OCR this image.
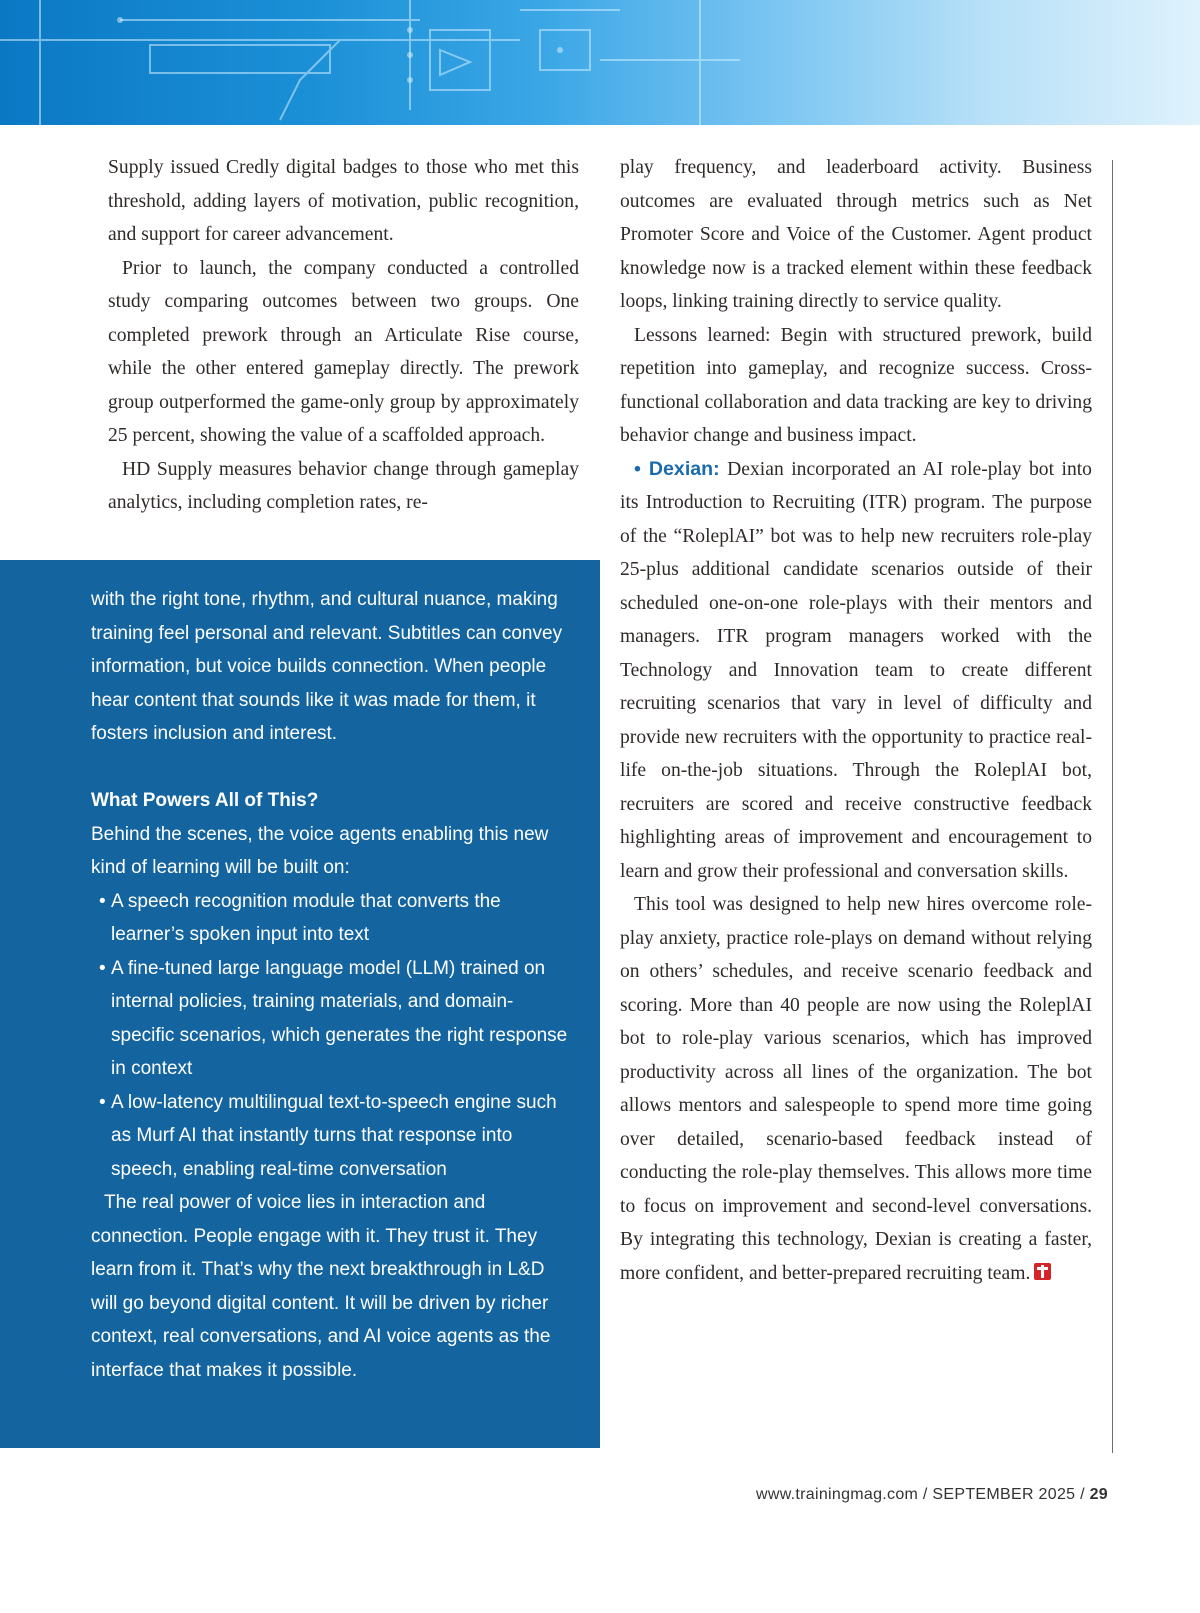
Supply issued Credly digital badges to those who met this threshold, adding layers of motivation, public recognition, and support for career advancement.

Prior to launch, the company conducted a controlled study comparing outcomes between two groups. One completed prework through an Articulate Rise course, while the other entered gameplay directly. The prework group outperformed the game-only group by approximately 25 percent, showing the value of a scaffolded approach.

HD Supply measures behavior change through gameplay analytics, including completion rates, re-

with the right tone, rhythm, and cultural nuance, making training feel personal and relevant. Subtitles can convey information, but voice builds connection. When people hear content that sounds like it was made for them, it fosters inclusion and interest.

What Powers All of This?

Behind the scenes, the voice agents enabling this new kind of learning will be built on:

• A speech recognition module that converts the learner’s spoken input into text
• A fine-tuned large language model (LLM) trained on internal policies, training materials, and domain-specific scenarios, which generates the right response in context
• A low-latency multilingual text-to-speech engine such as Murf AI that instantly turns that response into speech, enabling real-time conversation

The real power of voice lies in interaction and connection. People engage with it. They trust it. They learn from it. That’s why the next breakthrough in L&D will go beyond digital content. It will be driven by richer context, real conversations, and AI voice agents as the interface that makes it possible.

play frequency, and leaderboard activity. Business outcomes are evaluated through metrics such as Net Promoter Score and Voice of the Customer. Agent product knowledge now is a tracked element within these feedback loops, linking training directly to service quality.

Lessons learned: Begin with structured prework, build repetition into gameplay, and recognize success. Cross-functional collaboration and data tracking are key to driving behavior change and business impact.

• Dexian: Dexian incorporated an AI role-play bot into its Introduction to Recruiting (ITR) program. The purpose of the “RoleplAI” bot was to help new recruiters role-play 25-plus additional candidate scenarios outside of their scheduled one-on-one role-plays with their mentors and managers. ITR program managers worked with the Technology and Innovation team to create different recruiting scenarios that vary in level of difficulty and provide new recruiters with the opportunity to practice real-life on-the-job situations. Through the RoleplAI bot, recruiters are scored and receive constructive feedback highlighting areas of improvement and encouragement to learn and grow their professional and conversation skills.

This tool was designed to help new hires overcome role-play anxiety, practice role-plays on demand without relying on others’ schedules, and receive scenario feedback and scoring. More than 40 people are now using the RoleplAI bot to role-play various scenarios, which has improved productivity across all lines of the organization. The bot allows mentors and salespeople to spend more time going over detailed, scenario-based feedback instead of conducting the role-play themselves. This allows more time to focus on improvement and second-level conversations. By integrating this technology, Dexian is creating a faster, more confident, and better-prepared recruiting team.

www.trainingmag.com / SEPTEMBER 2025 / 29
